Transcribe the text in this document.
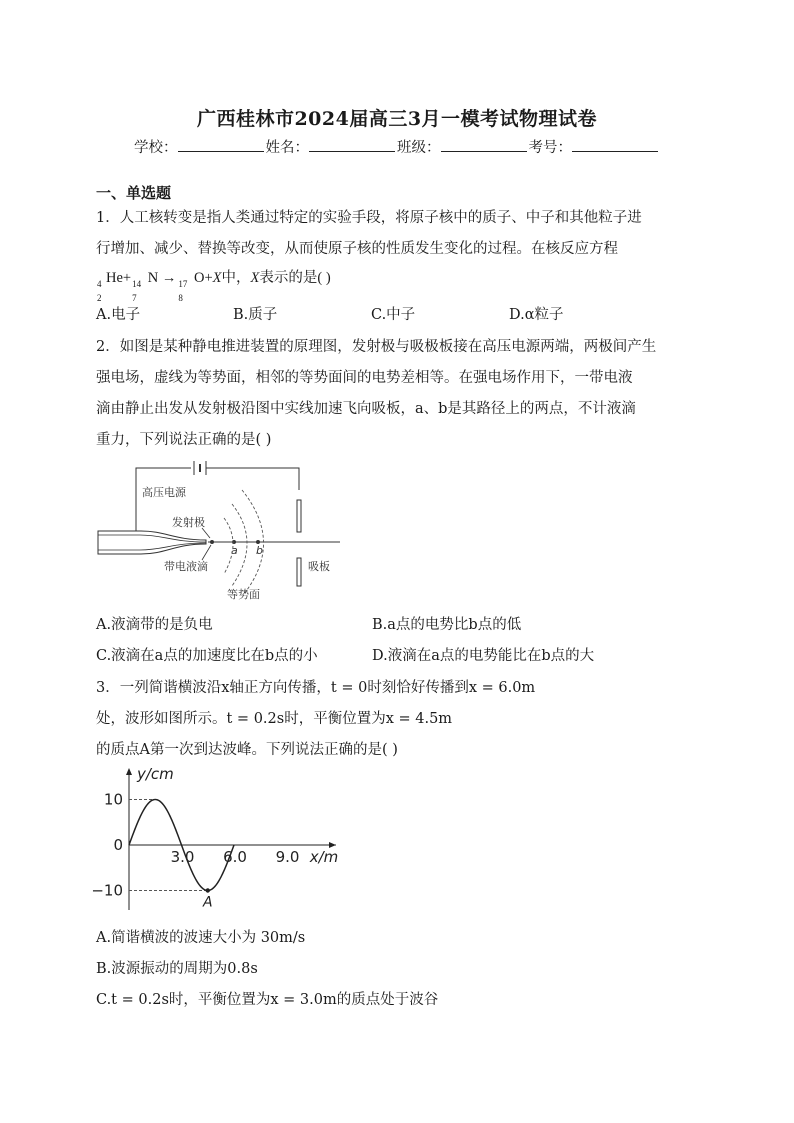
广西桂林市2024届高三3月一模考试物理试卷
学校：	姓名：	班级：	考号：
一、单选题
1．人工核转变是指人类通过特定的实验手段，将原子核中的质子、中子和其他粒子进
行增加、减少、替换等改变，从而使原子核的性质发生变化的过程。在核反应方程
4
2
He+ 14
7
N → 17
8
O+X中，X表示的是( )
A.电子	B.质子	C.中子	D.α粒子
2．如图是某种静电推进装置的原理图，发射极与吸极板接在高压电源两端，两极间产生
强电场，虚线为等势面，相邻的等势面间的电势差相等。在强电场作用下，一带电液
滴由静止出发从发射极沿图中实线加速飞向吸板，a、b是其路径上的两点，不计液滴
重力，下列说法正确的是( )
高压电源
a b
发射极
带电液滴	吸板
等势面
A.液滴带的是负电	B.a点的电势比b点的低
C.液滴在a点的加速度比在b点的小	D.液滴在a点的电势能比在b点的大
3．一列简谐横波沿x轴正方向传播，t = 0时刻恰好传播到x = 6.0m
处，波形如图所示。t = 0.2s时，平衡位置为x = 4.5m
的质点A第一次到达波峰。下列说法正确的是( )
10
0
−10
3.0 6.0 9.0 x/m
y/cm
A
A.简谐横波的波速大小为 30m/s
B.波源振动的周期为0.8s
C.t = 0.2s时，平衡位置为x = 3.0m的质点处于波谷
